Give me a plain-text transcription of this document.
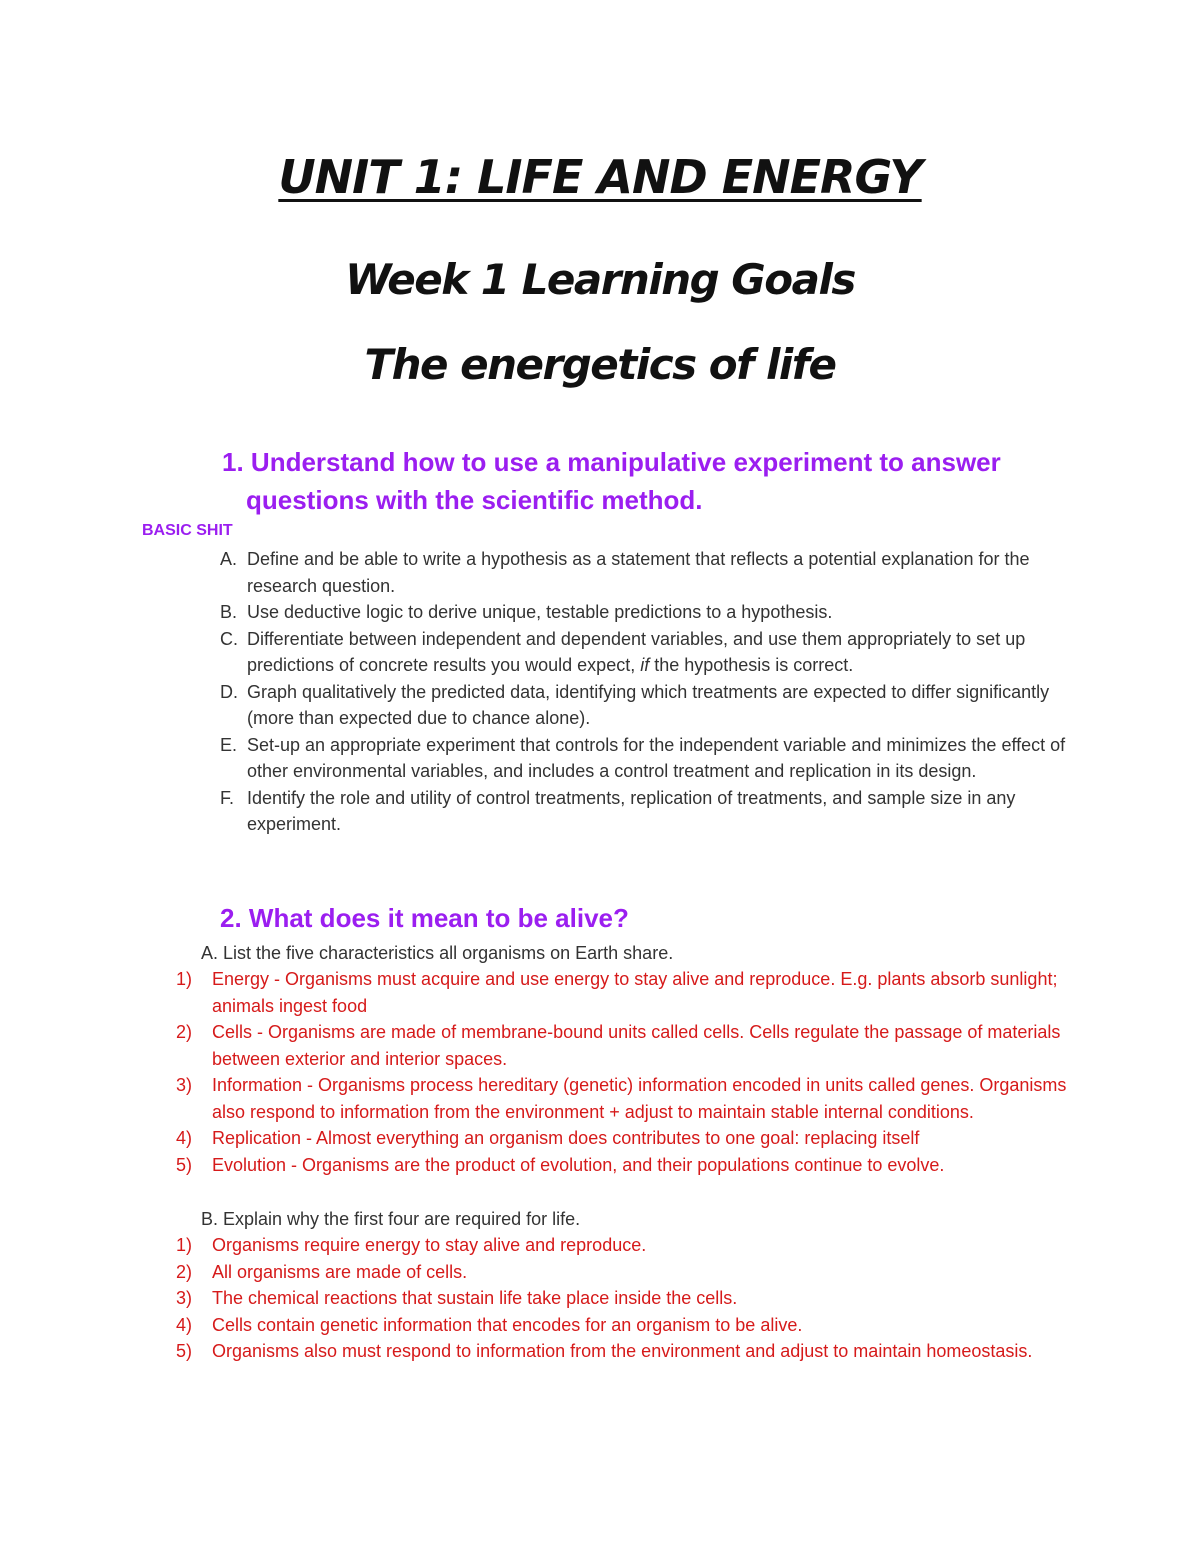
UNIT 1: LIFE AND ENERGY
Week 1 Learning Goals
The energetics of life
1. Understand how to use a manipulative experiment to answer
questions with the scientific method.
BASIC SHIT
A. Define and be able to write a hypothesis as a statement that reflects a potential explanation for the research question.
B. Use deductive logic to derive unique, testable predictions to a hypothesis.
C. Differentiate between independent and dependent variables, and use them appropriately to set up predictions of concrete results you would expect, if the hypothesis is correct.
D. Graph qualitatively the predicted data, identifying which treatments are expected to differ significantly (more than expected due to chance alone).
E. Set-up an appropriate experiment that controls for the independent variable and minimizes the effect of other environmental variables, and includes a control treatment and replication in its design.
F. Identify the role and utility of control treatments, replication of treatments, and sample size in any experiment.
2. What does it mean to be alive?
A. List the five characteristics all organisms on Earth share.
1) Energy - Organisms must acquire and use energy to stay alive and reproduce. E.g. plants absorb sunlight; animals ingest food
2) Cells - Organisms are made of membrane-bound units called cells. Cells regulate the passage of materials between exterior and interior spaces.
3) Information - Organisms process hereditary (genetic) information encoded in units called genes. Organisms also respond to information from the environment + adjust to maintain stable internal conditions.
4) Replication - Almost everything an organism does contributes to one goal: replacing itself
5) Evolution - Organisms are the product of evolution, and their populations continue to evolve.
B. Explain why the first four are required for life.
1) Organisms require energy to stay alive and reproduce.
2) All organisms are made of cells.
3) The chemical reactions that sustain life take place inside the cells.
4) Cells contain genetic information that encodes for an organism to be alive.
5) Organisms also must respond to information from the environment and adjust to maintain homeostasis.
